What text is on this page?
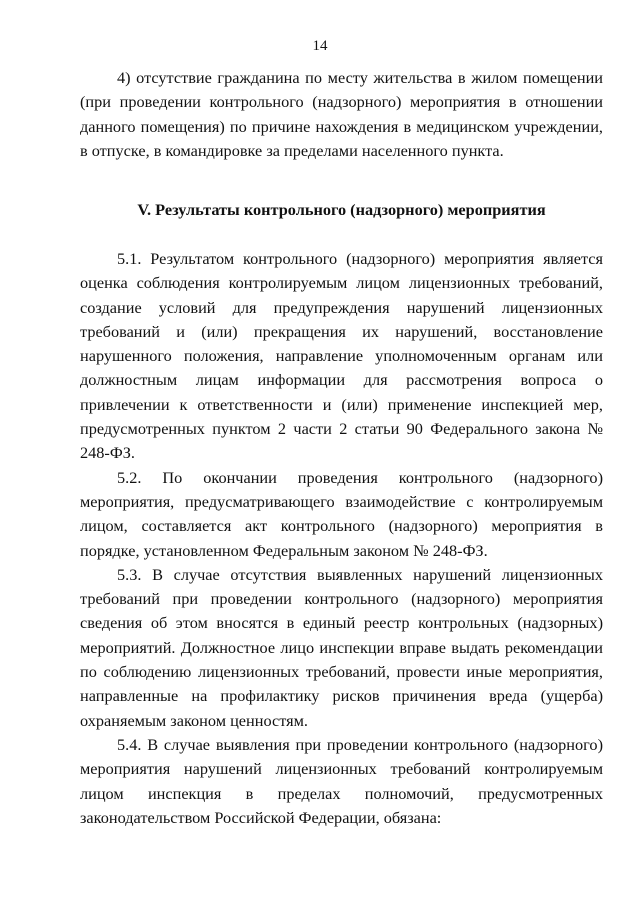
14

4) отсутствие гражданина по месту жительства в жилом помещении (при проведении контрольного (надзорного) мероприятия в отношении данного помещения) по причине нахождения в медицинском учреждении, в отпуске, в командировке за пределами населенного пункта.

V. Результаты контрольного (надзорного) мероприятия

5.1. Результатом контрольного (надзорного) мероприятия является оценка соблюдения контролируемым лицом лицензионных требований, создание условий для предупреждения нарушений лицензионных требований и (или) прекращения их нарушений, восстановление нарушенного положения, направление уполномоченным органам или должностным лицам информации для рассмотрения вопроса о привлечении к ответственности и (или) применение инспекцией мер, предусмотренных пунктом 2 части 2 статьи 90 Федерального закона № 248-ФЗ.

5.2. По окончании проведения контрольного (надзорного) мероприятия, предусматривающего взаимодействие с контролируемым лицом, составляется акт контрольного (надзорного) мероприятия в порядке, установленном Федеральным законом № 248-ФЗ.

5.3. В случае отсутствия выявленных нарушений лицензионных требований при проведении контрольного (надзорного) мероприятия сведения об этом вносятся в единый реестр контрольных (надзорных) мероприятий. Должностное лицо инспекции вправе выдать рекомендации по соблюдению лицензионных требований, провести иные мероприятия, направленные на профилактику рисков причинения вреда (ущерба) охраняемым законом ценностям.

5.4. В случае выявления при проведении контрольного (надзорного) мероприятия нарушений лицензионных требований контролируемым лицом инспекция в пределах полномочий, предусмотренных законодательством Российской Федерации, обязана:
